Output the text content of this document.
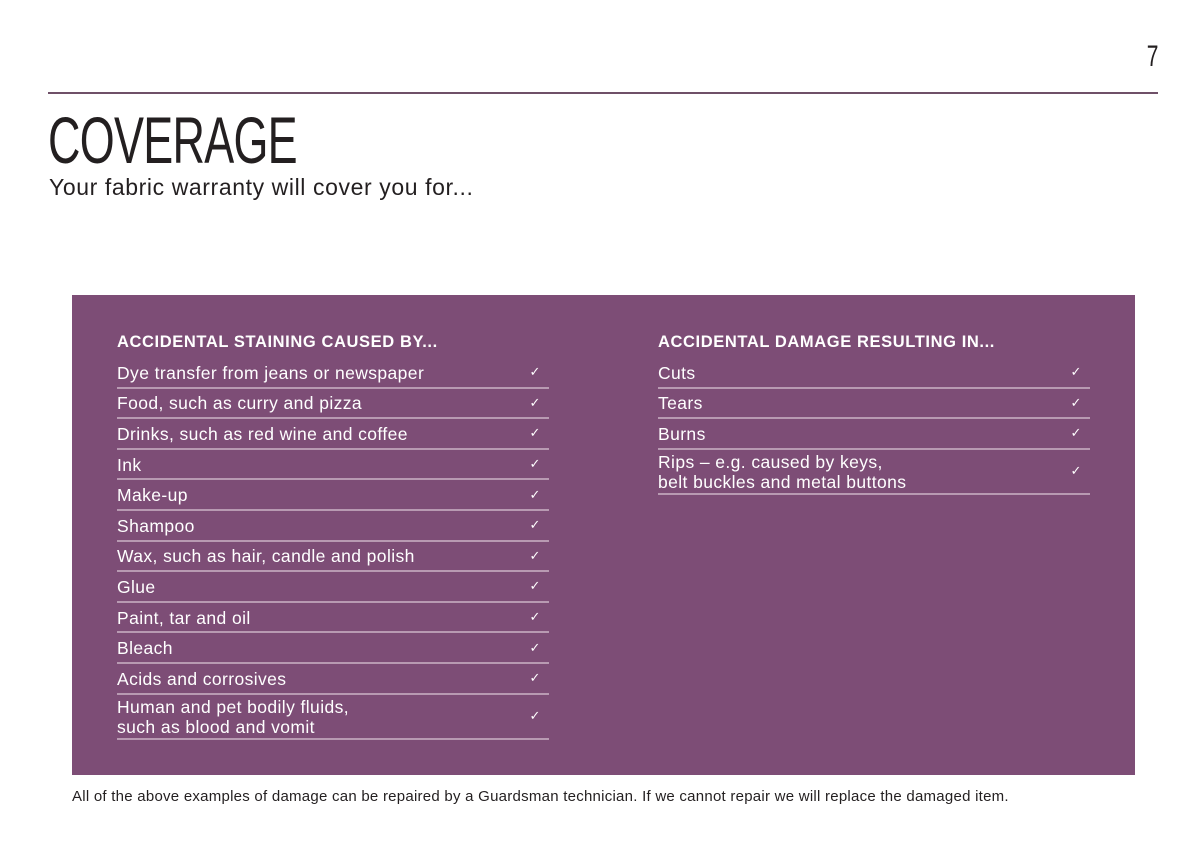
7
COVERAGE

Your fabric warranty will cover you for...

ACCIDENTAL STAINING CAUSED BY...
Dye transfer from jeans or newspaper	✓
Food, such as curry and pizza	✓
Drinks, such as red wine and coffee	✓
Ink	✓
Make-up	✓
Shampoo	✓
Wax, such as hair, candle and polish	✓
Glue	✓
Paint, tar and oil	✓
Bleach	✓
Acids and corrosives	✓
Human and pet bodily fluids,
such as blood and vomit	✓
ACCIDENTAL DAMAGE RESULTING IN...
Cuts	✓
Tears	✓
Burns	✓
Rips – e.g. caused by keys,
belt buckles and metal buttons	✓

All of the above examples of damage can be repaired by a Guardsman technician. If we cannot repair we will replace the damaged item.
